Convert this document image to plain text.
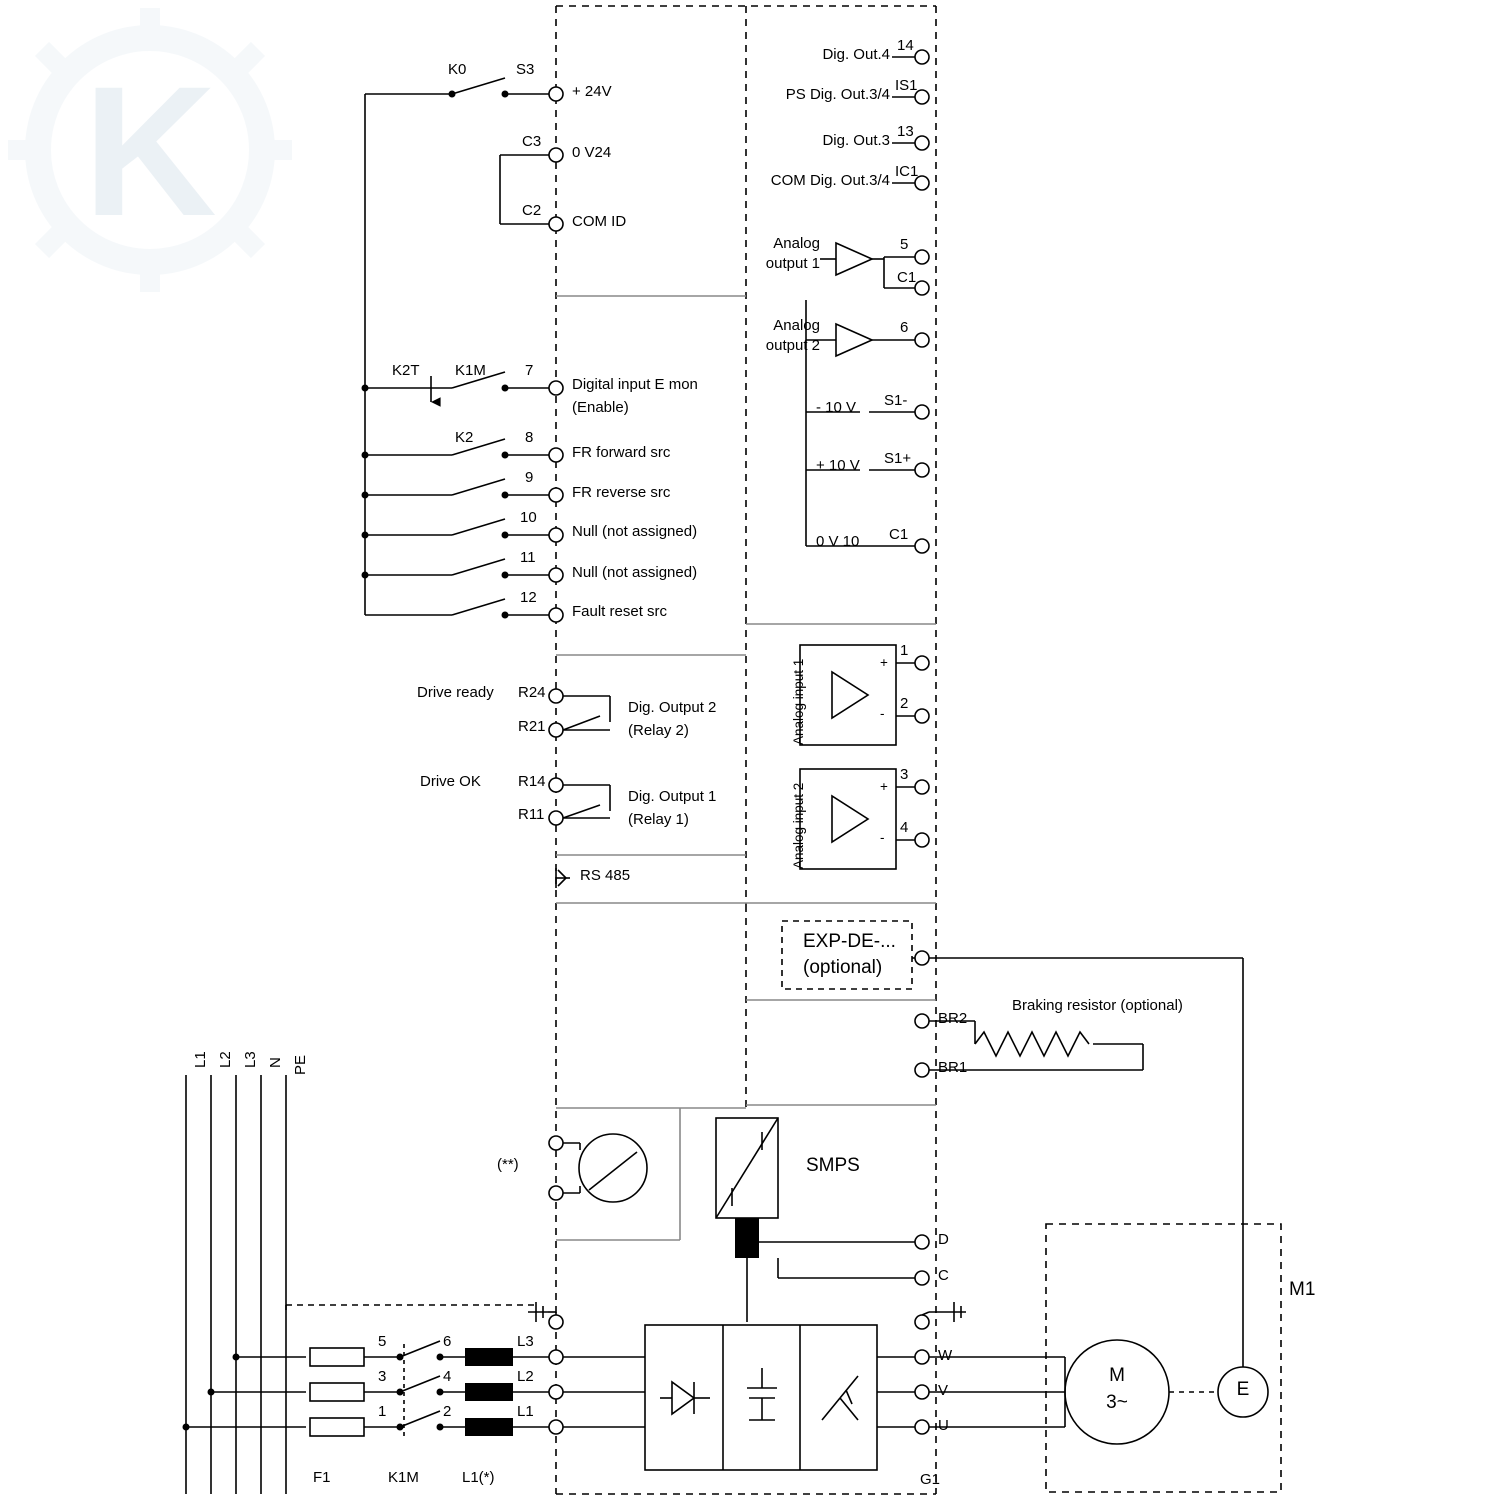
K0	S3
+ 24V
C3
0 V24
C2
COM ID
K2T K1M	7
Digital input E mon
(Enable)
K2	8
FR forward src
9
FR reverse src
10
Null (not assigned)
11
Null (not assigned)
12
Fault reset src
Drive ready R24
R21
Dig. Output 2
(Relay 2)
Drive OK R14
R11
Dig. Output 1
(Relay 1)
RS 485
Dig. Out.4
14
PS Dig. Out.3/4
IS1
Dig. Out.3
13
COM Dig. Out.3/4
IC1
Analog
output 1
5
C1
Analog
output 2
6
- 10 V S1-
+ 10 V S1+
0 V 10 C1
Analog input 1	+
-
1
2
Analog input 2	+
-
3
4
EXP-DE-...
(optional)
BR2
BR1
Braking resistor (optional)
D
C
W
V
U
L1 L2 L3 N PE
5
3
1
F1
6
4
2
K1M
L3
L2
L1
L1(*)
(**)	SMPS
G1
M
3~
E
M1
K
